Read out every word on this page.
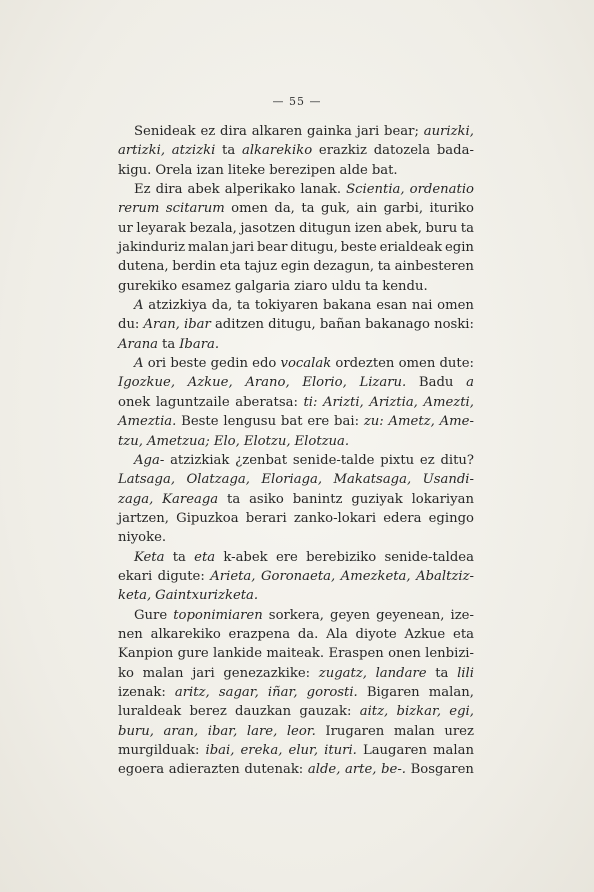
— 55 —
Senideak ez dira alkaren gainka jari bear; aurizki,
artizki, atzizki ta alkarekiko erazkiz datozela bada-
kigu. Orela izan liteke berezipen alde bat.
Ez dira abek alperikako lanak. Scientia, ordenatio
rerum scitarum omen da, ta guk, ain garbi, ituriko
ur leyarak bezala, jasotzen ditugun izen abek, buru ta
jakinduriz malan jari bear ditugu, beste erialdeak egin
dutena, berdin eta tajuz egin dezagun, ta ainbesteren
gurekiko esamez galgaria ziaro uldu ta kendu.
A atzizkiya da, ta tokiyaren bakana esan nai omen
du: Aran, ibar aditzen ditugu, bañan bakanago noski:
Arana ta Ibara.
A ori beste gedin edo vocalak ordezten omen dute:
Igozkue, Azkue, Arano, Elorio, Lizaru. Badu a
onek laguntzaile aberatsa: ti: Arizti, Ariztia, Amezti,
Ameztia. Beste lengusu bat ere bai: zu: Ametz, Ame-
tzu, Ametzua; Elo, Elotzu, Elotzua.
Aga- atzizkiak ¿zenbat senide-talde pixtu ez ditu?
Latsaga, Olatzaga, Eloriaga, Makatsaga, Usandi-
zaga, Kareaga ta asiko banintz guziyak lokariyan
jartzen, Gipuzkoa berari zanko-lokari edera egingo
niyoke.
Keta ta eta k-abek ere berebiziko senide-taldea
ekari digute: Arieta, Goronaeta, Amezketa, Abaltziz-
keta, Gaintxurizketa.
Gure toponimiaren sorkera, geyen geyenean, ize-
nen alkarekiko erazpena da. Ala diyote Azkue eta
Kanpion gure lankide maiteak. Eraspen onen lenbizi-
ko malan jari genezazkike: zugatz, landare ta lili
izenak: aritz, sagar, iñar, gorosti. Bigaren malan,
luraldeak berez dauzkan gauzak: aitz, bizkar, egi,
buru, aran, ibar, lare, leor. Irugaren malan urez
murgilduak: ibai, ereka, elur, ituri. Laugaren malan
egoera adierazten dutenak: alde, arte, be-. Bosgaren
